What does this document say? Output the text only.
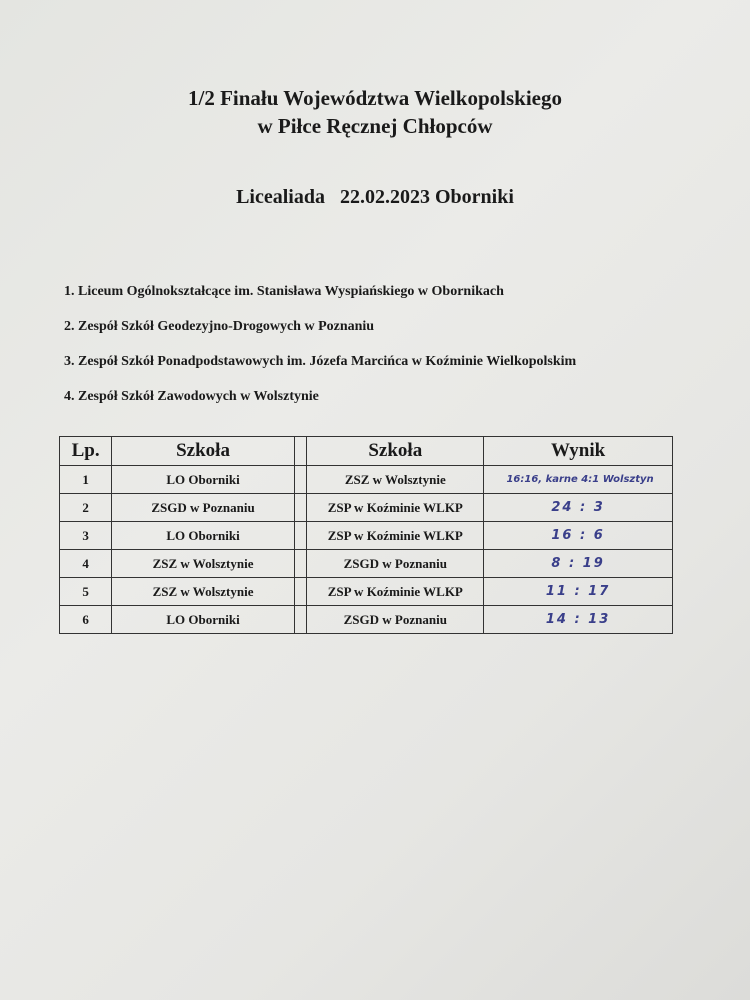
1/2 Finału Województwa Wielkopolskiego
w Piłce Ręcznej Chłopców
Licealiada   22.02.2023 Oborniki
1. Liceum Ogólnokształcące im. Stanisława Wyspiańskiego w Obornikach
2. Zespół Szkół Geodezyjno-Drogowych w Poznaniu
3. Zespół Szkół Ponadpodstawowych im. Józefa Marcińca w Koźminie Wielkopolskim
4. Zespół Szkół Zawodowych w Wolsztynie
Lp.	Szkoła		Szkoła	Wynik
1	LO Oborniki		ZSZ w Wolsztynie	16:16, karne 4:1 Wolsztyn
2	ZSGD w Poznaniu		ZSP w Koźminie WLKP	24 : 3
3	LO Oborniki		ZSP w Koźminie WLKP	16 : 6
4	ZSZ w Wolsztynie		ZSGD w Poznaniu	8 : 19
5	ZSZ w Wolsztynie		ZSP w Koźminie WLKP	11 : 17
6	LO Oborniki		ZSGD w Poznaniu	14 : 13
